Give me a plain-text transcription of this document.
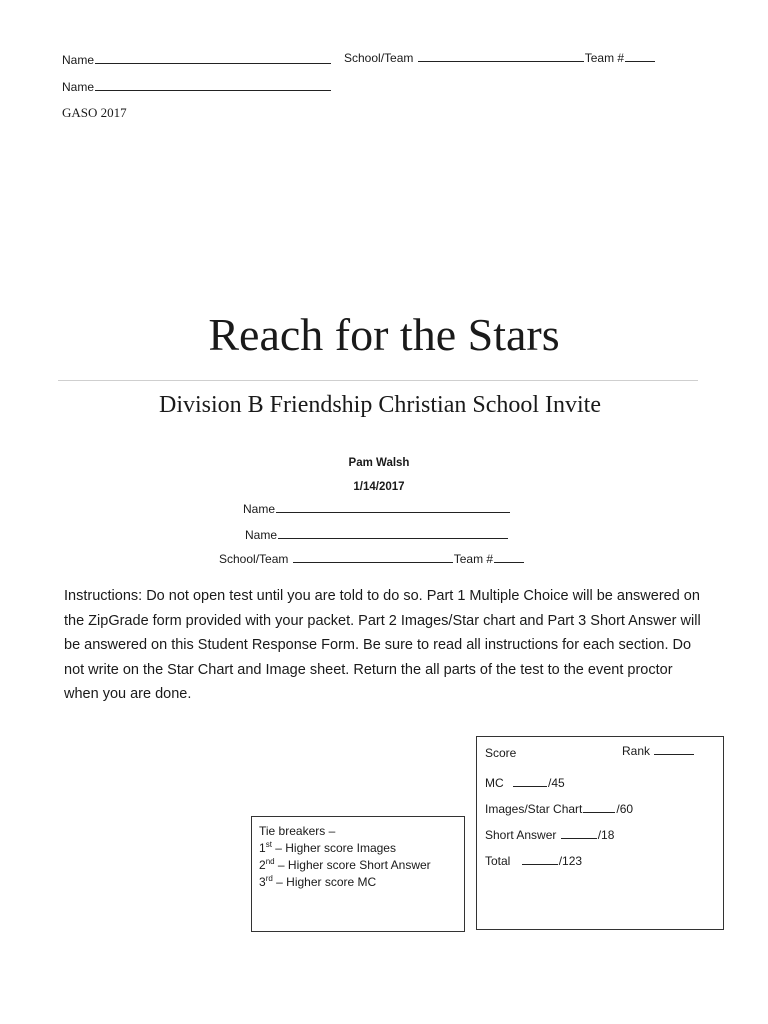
Name	School/Team	Team #
Name
GASO 2017
Reach for the Stars
Division B Friendship Christian School Invite
Pam Walsh
1/14/2017
Name
Name
School/Team	Team #
Instructions: Do not open test until you are told to do so. Part 1 Multiple Choice will be answered on the ZipGrade form provided with your packet. Part 2 Images/Star chart and Part 3 Short Answer will be answered on this Student Response Form. Be sure to read all instructions for each section. Do not write on the Star Chart and Image sheet. Return the all parts of the test to the event proctor when you are done.
Score	Rank
MC	/45
Images/Star Chart	/60
Short Answer	/18
Total	/123
Tie breakers –
1st – Higher score Images
2nd – Higher score Short Answer
3rd – Higher score MC
